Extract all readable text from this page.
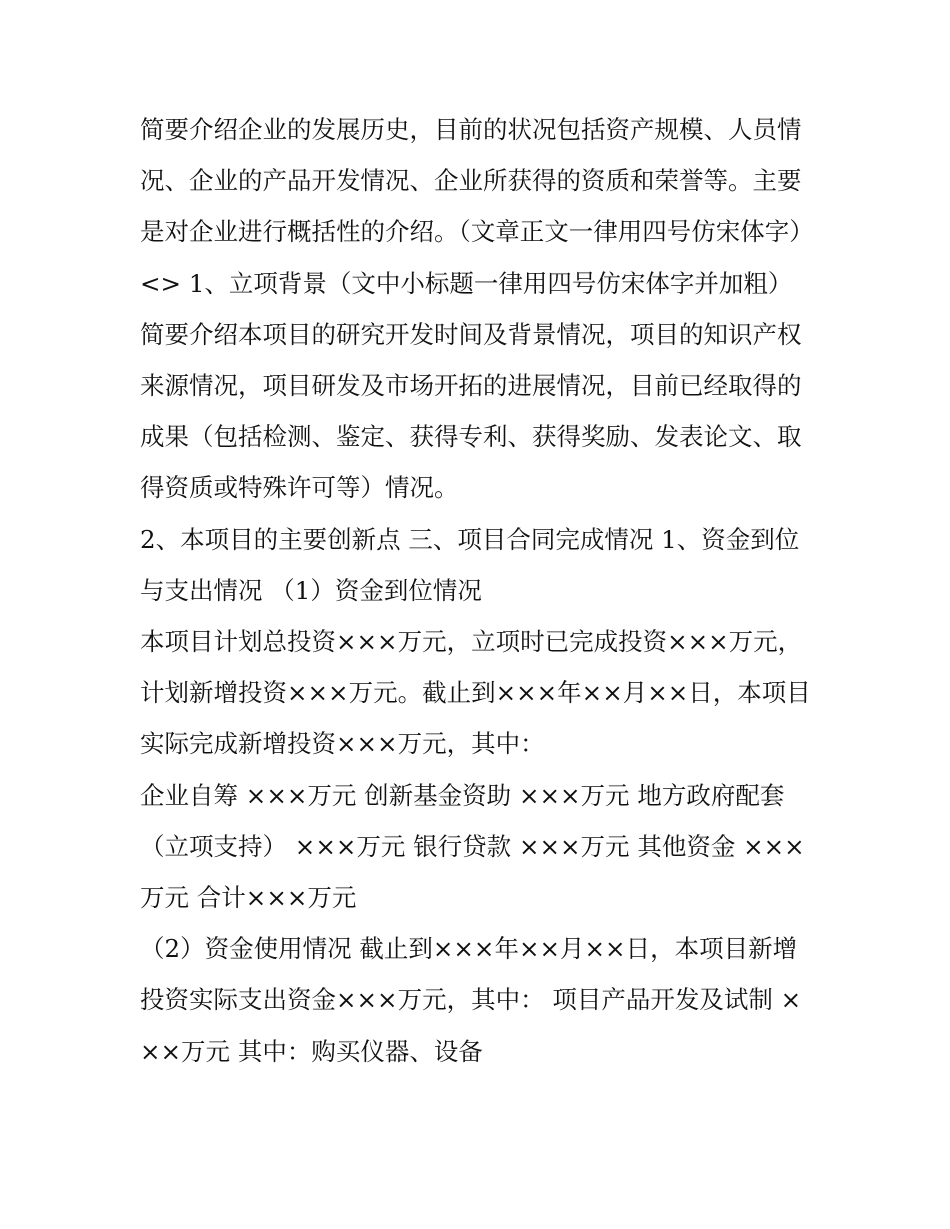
简要介绍企业的发展历史，目前的状况包括资产规模、人员情况、企业的产品开发情况、企业所获得的资质和荣誉等。主要是对企业进行概括性的介绍。（文章正文一律用四号仿宋体字）

<> 1、立项背景（文中小标题一律用四号仿宋体字并加粗）

简要介绍本项目的研究开发时间及背景情况，项目的知识产权来源情况，项目研发及市场开拓的进展情况，目前已经取得的成果（包括检测、鉴定、获得专利、获得奖励、发表论文、取得资质或特殊许可等）情况。

2、本项目的主要创新点 三、项目合同完成情况 1、资金到位与支出情况 （1）资金到位情况

本项目计划总投资×××万元，立项时已完成投资×××万元，计划新增投资×××万元。截止到×××年××月××日，本项目实际完成新增投资×××万元，其中：

企业自筹 ×××万元 创新基金资助 ×××万元 地方政府配套（立项支持） ×××万元 银行贷款 ×××万元 其他资金 ×××万元 合计×××万元

（2）资金使用情况 截止到×××年××月××日，本项目新增投资实际支出资金×××万元，其中： 项目产品开发及试制 ×××万元 其中：购买仪器、设备
